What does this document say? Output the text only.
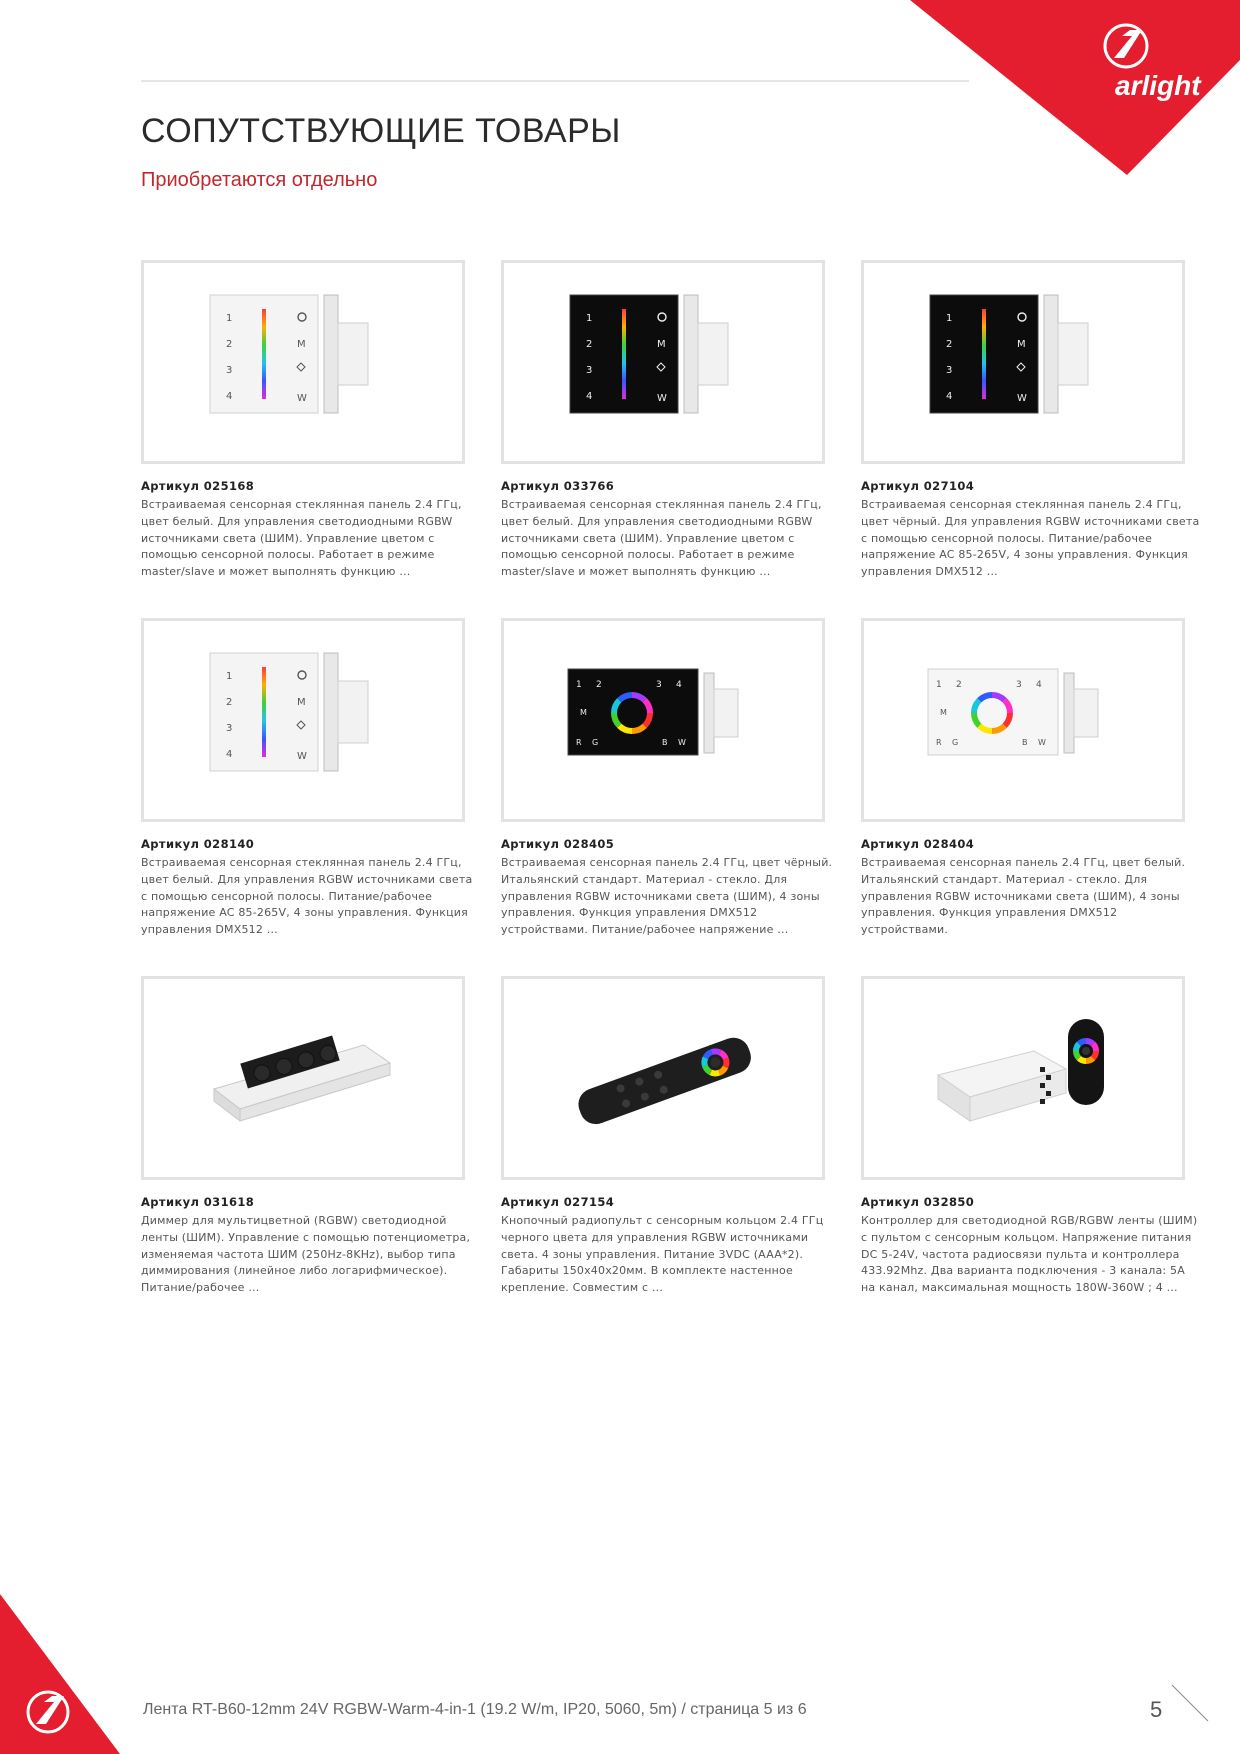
arlight
СОПУТСТВУЮЩИЕ ТОВАРЫ
Приобретаются отдельно
1
2
3
4
M
W
Артикул 025168
Встраиваемая сенсорная стеклянная панель 2.4 ГГц, цвет белый. Для управления светодиодными RGBW источниками света (ШИМ). Управление цветом с помощью сенсорной полосы. Работает в режиме master/slave и может выполнять функцию ...
1
2
3
4
M
W
Артикул 033766
Встраиваемая сенсорная стеклянная панель 2.4 ГГц, цвет белый. Для управления светодиодными RGBW источниками света (ШИМ). Управление цветом с помощью сенсорной полосы. Работает в режиме master/slave и может выполнять функцию ...
1
2
3
4
M
W
Артикул 027104
Встраиваемая сенсорная стеклянная панель 2.4 ГГц, цвет чёрный. Для управления RGBW источниками света с помощью сенсорной полосы. Питание/рабочее напряжение AC 85-265V, 4 зоны управления. Функция управления DMX512 ...
1
2
3
4
M
W
Артикул 028140
Встраиваемая сенсорная стеклянная панель 2.4 ГГц, цвет белый. Для управления RGBW источниками света с помощью сенсорной полосы. Питание/рабочее напряжение AC 85-265V, 4 зоны управления. Функция управления DMX512 ...
1 2	3 4
M
R G	B W
Артикул 028405
Встраиваемая сенсорная панель 2.4 ГГц, цвет чёрный. Итальянский стандарт. Материал - стекло. Для управления RGBW источниками света (ШИМ), 4 зоны управления. Функция управления DMX512 устройствами. Питание/рабочее напряжение ...
1 2	3 4
M
R G	B W
Артикул 028404
Встраиваемая сенсорная панель 2.4 ГГц, цвет белый. Итальянский стандарт. Материал - стекло. Для управления RGBW источниками света (ШИМ), 4 зоны управления. Функция управления DMX512 устройствами.
Артикул 031618
Диммер для мультицветной (RGBW) светодиодной ленты (ШИМ). Управление с помощью потенциометра, изменяемая частота ШИМ (250Hz-8KHz), выбор типа диммирования (линейное либо логарифмическое). Питание/рабочее ...
Артикул 027154
Кнопочный радиопульт с сенсорным кольцом 2.4 ГГц черного цвета для управления RGBW источниками света. 4 зоны управления. Питание 3VDC (AAA*2). Габариты 150x40x20мм. В комплекте настенное крепление. Совместим с ...
Артикул 032850
Контроллер для светодиодной RGB/RGBW ленты (ШИМ) с пультом с сенсорным кольцом. Напряжение питания DC 5-24V, частота радиосвязи пульта и контроллера 433.92Mhz. Два варианта подключения - 3 канала: 5A на канал, максимальная мощность 180W-360W ; 4 ...
Лента RT-B60-12mm 24V RGBW-Warm-4-in-1 (19.2 W/m, IP20, 5060, 5m) / страница 5 из 6	5
